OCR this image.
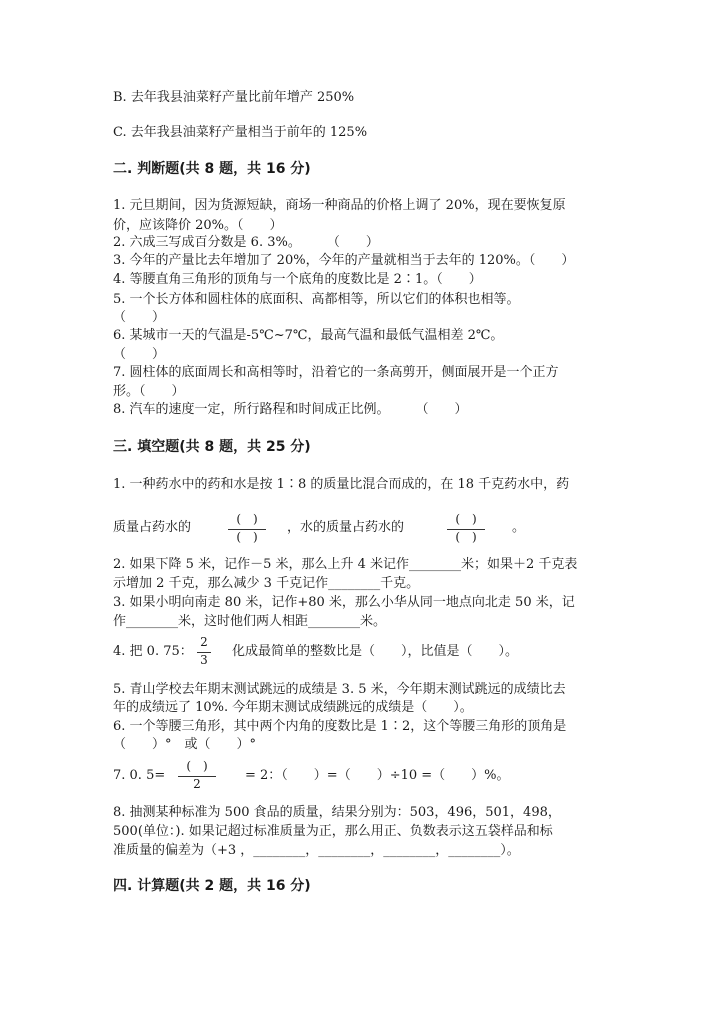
B. 去年我县油菜籽产量比前年增产 250%
C. 去年我县油菜籽产量相当于前年的 125%
二. 判断题(共 8 题，共 16 分)
1. 元旦期间，因为货源短缺，商场一种商品的价格上调了 20%，现在要恢复原
价，应该降价 20%。（　　）
2. 六成三写成百分数是 6. 3%。　　　（　　）
3. 今年的产量比去年增加了 20%，今年的产量就相当于去年的 120%。（　　）
4. 等腰直角三角形的顶角与一个底角的度数比是 2∶1。（　　）
5. 一个长方体和圆柱体的底面积、高都相等，所以它们的体积也相等。
（　　）
6. 某城市一天的气温是-5℃~7℃，最高气温和最低气温相差 2℃。
（　　）
7. 圆柱体的底面周长和高相等时，沿着它的一条高剪开，侧面展开是一个正方
形。（　　）
8. 汽车的速度一定，所行路程和时间成正比例。　　　（　　）
三. 填空题(共 8 题，共 25 分)
1. 一种药水中的药和水是按 1∶8 的质量比混合而成的，在 18 千克药水中，药
质量占药水的
(　)
(　)
，水的质量占药水的
(　)
(　)
。
2. 如果下降 5 米，记作－5 米，那么上升 4 米记作________米；如果＋2 千克表
示增加 2 千克，那么减少 3 千克记作________千克。
3. 如果小明向南走 80 米，记作+80 米，那么小华从同一地点向北走 50 米，记
作________米，这时他们两人相距________米。
4. 把 0. 75：
2
3
化成最简单的整数比是（　　），比值是（　　）。
5. 青山学校去年期末测试跳远的成绩是 3. 5 米，今年期末测试跳远的成绩比去
年的成绩远了 10%. 今年期末测试成绩跳远的成绩是（　　）。
6. 一个等腰三角形，其中两个内角的度数比是 1∶2，这个等腰三角形的顶角是
（　　）°　或（　　）°
7. 0. 5=
(　)
2
= 2：（　　）=（　　）÷10 =（　　）%。
8. 抽测某种标准为 500 食品的质量，结果分别为：503，496，501，498，
500(单位：). 如果记超过标准质量为正，那么用正、负数表示这五袋样品和标
准质量的偏差为（+3 ，________，________，________，________）。
四. 计算题(共 2 题，共 16 分)
